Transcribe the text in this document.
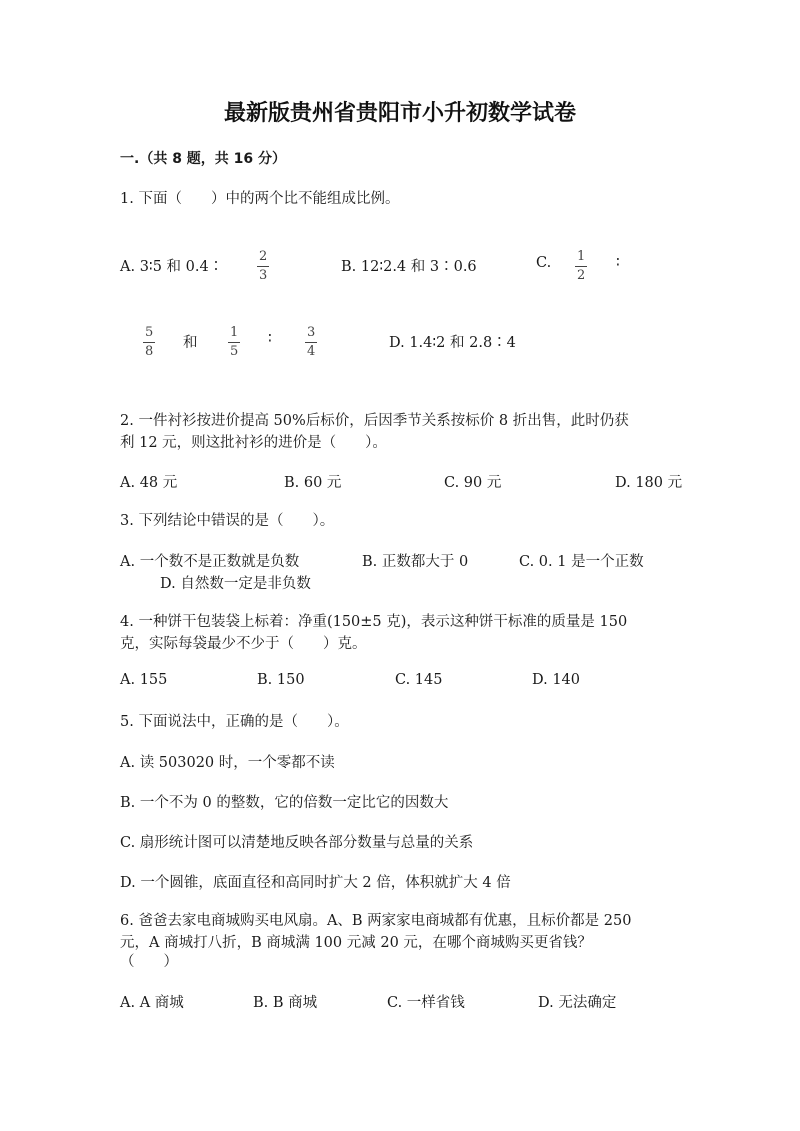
最新版贵州省贵阳市小升初数学试卷
一.（共 8 题，共 16 分）
1. 下面（　　）中的两个比不能组成比例。
A. 3∶5 和 0.4∶	$\frac{2}{3}$	B. 12∶2.4 和 3∶0.6	C. $\frac{1}{2}$ ∶
$\frac{5}{8}$ 和 $\frac{1}{5}$ ∶	$\frac{3}{4}$	D. 1.4∶2 和 2.8∶4
2. 一件衬衫按进价提高 50%后标价，后因季节关系按标价 8 折出售，此时仍获
利 12 元，则这批衬衫的进价是（　　）。
A. 48 元	B. 60 元	C. 90 元	D. 180 元
3. 下列结论中错误的是（　　）。
A. 一个数不是正数就是负数	B. 正数都大于 0	C. 0. 1 是一个正数
D. 自然数一定是非负数
4. 一种饼干包装袋上标着：净重(150±5 克)，表示这种饼干标准的质量是 150
克，实际每袋最少不少于（　　）克。
A. 155	B. 150	C. 145	D. 140
5. 下面说法中，正确的是（　　）。
A. 读 503020 时，一个零都不读
B. 一个不为 0 的整数，它的倍数一定比它的因数大
C. 扇形统计图可以清楚地反映各部分数量与总量的关系
D. 一个圆锥，底面直径和高同时扩大 2 倍，体积就扩大 4 倍
6. 爸爸去家电商城购买电风扇。A、B 两家家电商城都有优惠，且标价都是 250
元，A 商城打八折，B 商城满 100 元减 20 元，在哪个商城购买更省钱？
（　　）
A. A 商城	B. B 商城	C. 一样省钱	D. 无法确定
